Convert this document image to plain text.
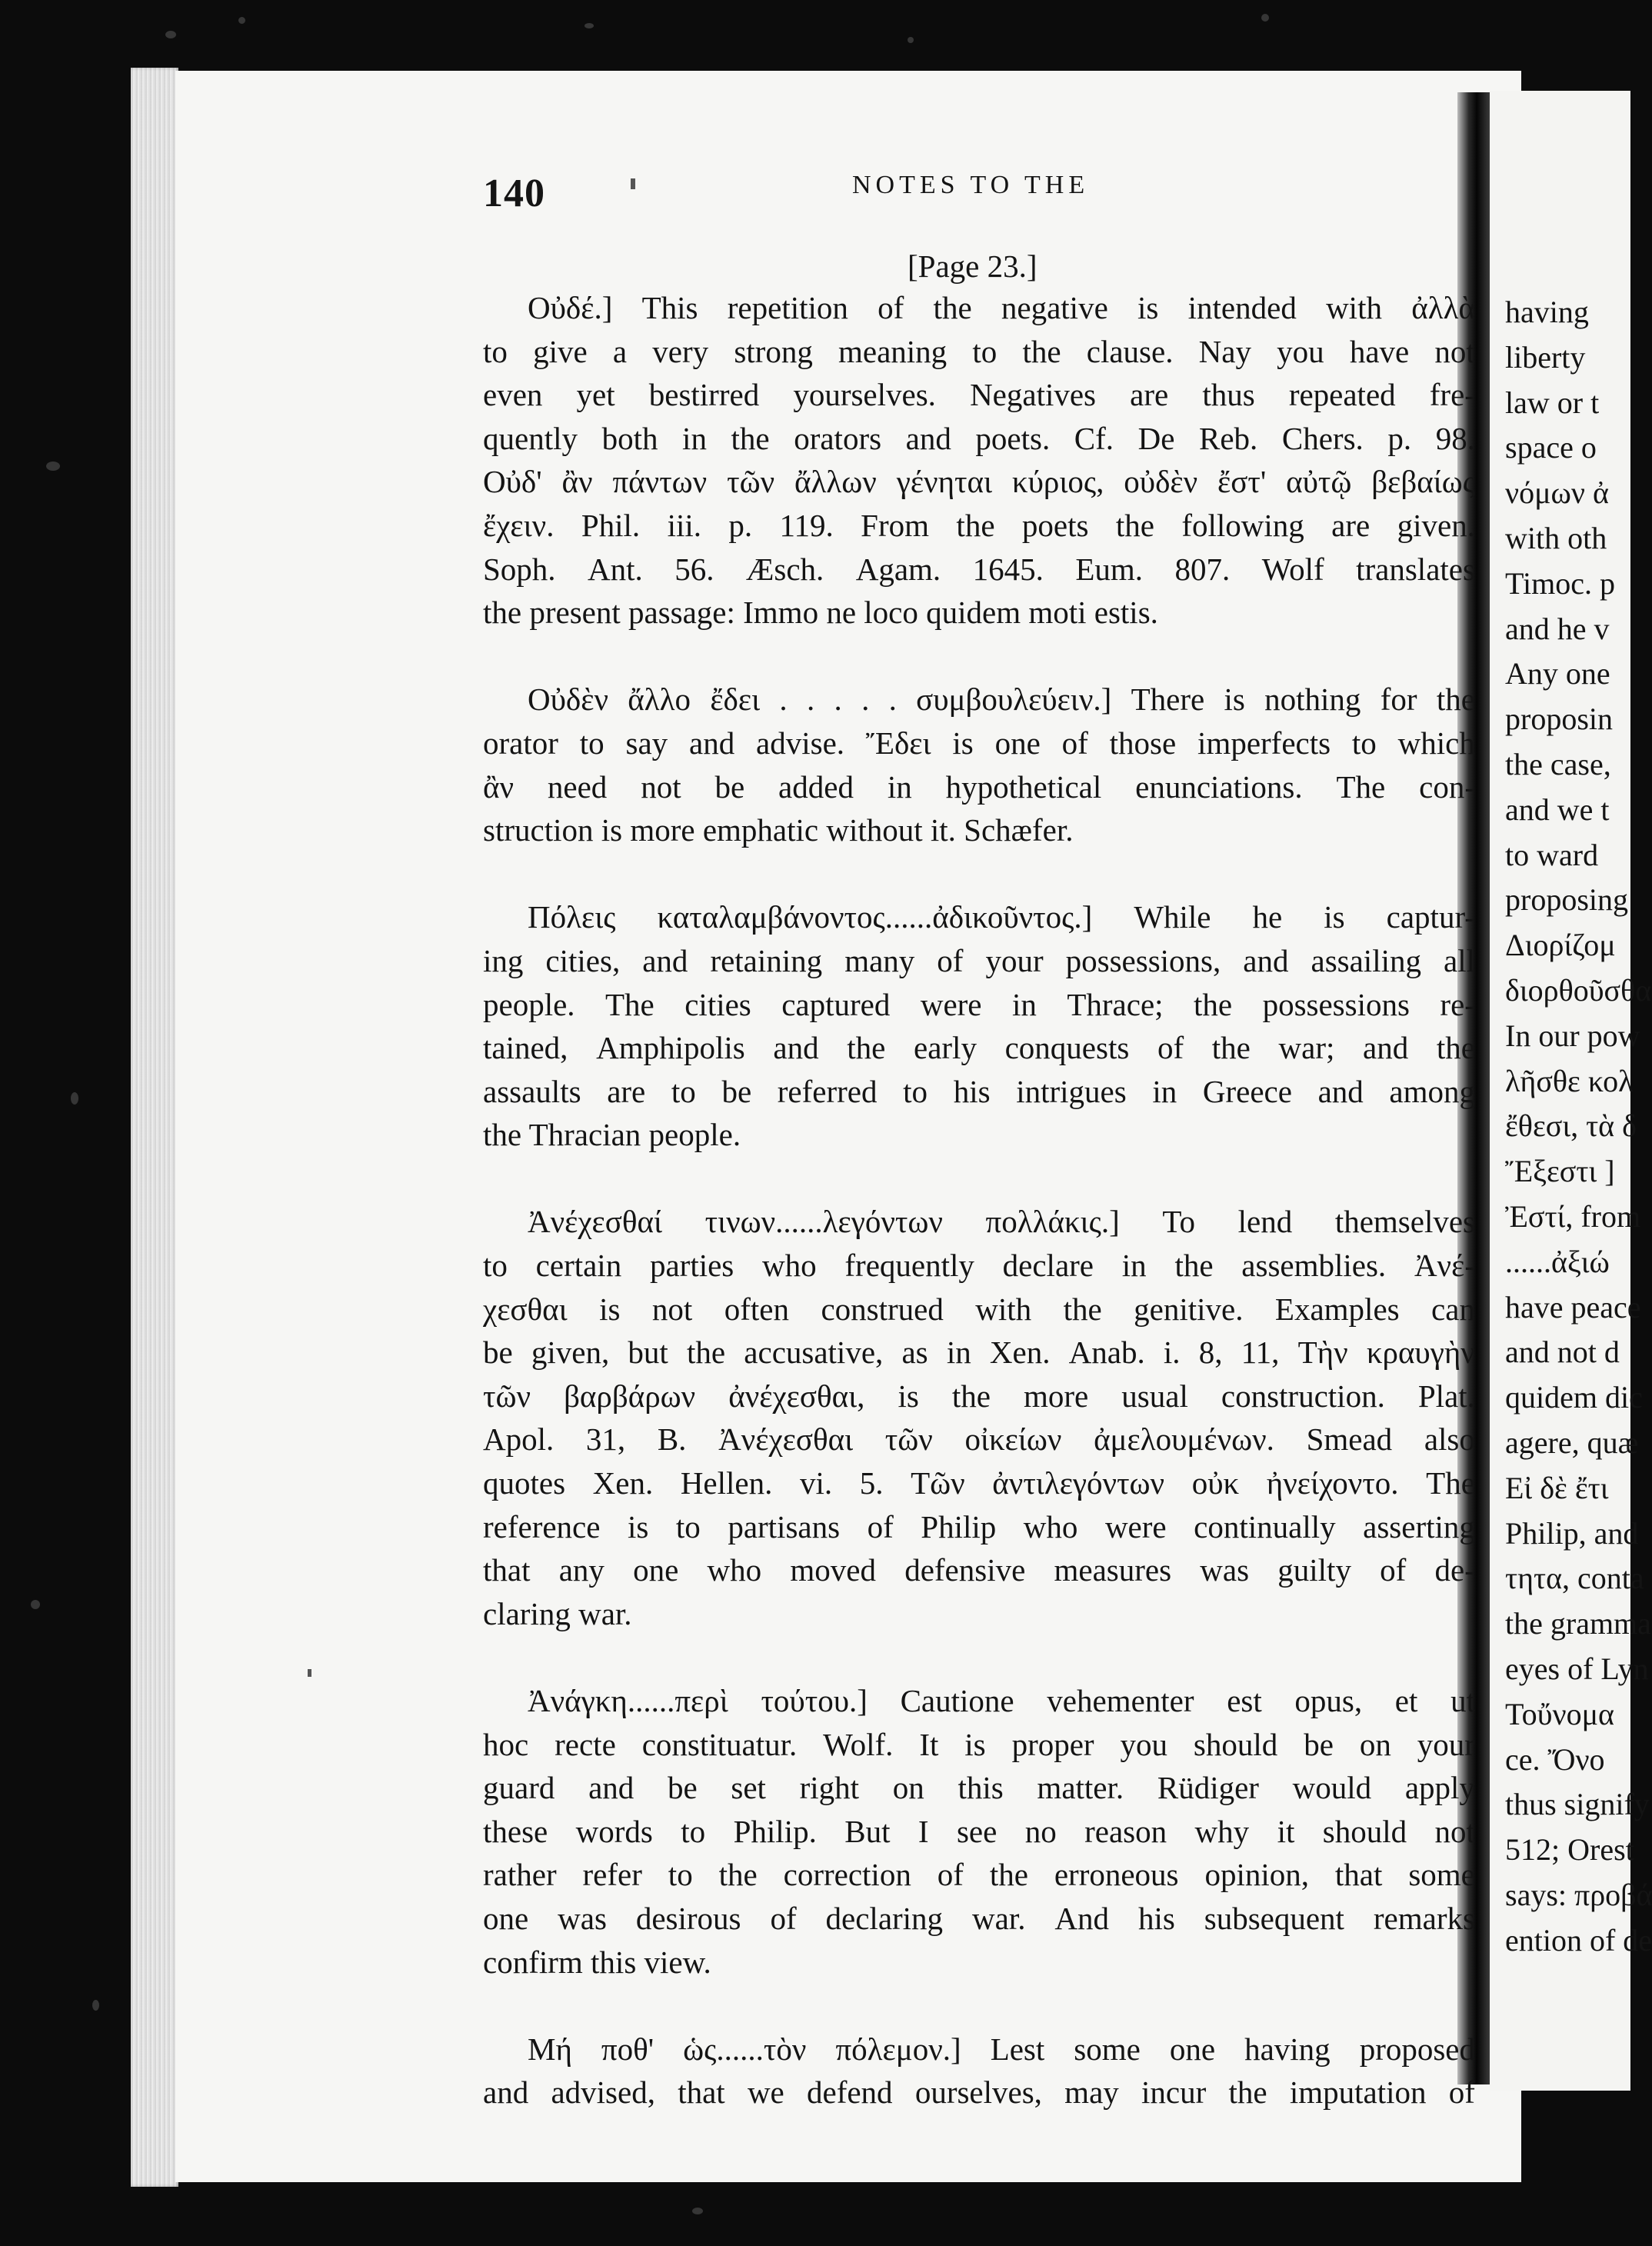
having
liberty
law or t
space o
νόμων ἀ
with oth
Timoc. p
and he v
Any one
proposin
the case,
and we t
to ward
proposing
Διορίζομ
διορθοῦσθα
In our pow
λῆσθε κολ
ἔθεσι, τὰ δ
Ἔξεστι ]
Ἐστί, from
......ἀξιώ
have peace
and not d
quidem dic
agere, quæ
Εἰ δὲ ἔτι
Philip, and
τητα, conta
the gramma
eyes of Lyn
Τοὔνομα
ce. Ὄνο
thus signify
512; Orest
says: προβά
ention of de
140	NOTES TO THE
[Page 23.]
Οὐδέ.] This repetition of the negative is intended with ἀλλὰ
to give a very strong meaning to the clause. Nay you have not
even yet bestirred yourselves. Negatives are thus repeated fre-
quently both in the orators and poets. Cf. De Reb. Chers. p. 98.
Οὐδ' ἂν πάντων τῶν ἄλλων γένηται κύριος, οὐδὲν ἔστ' αὐτῷ βεβαίως
ἔχειν. Phil. iii. p. 119. From the poets the following are given.
Soph. Ant. 56. Æsch. Agam. 1645. Eum. 807. Wolf translates
the present passage: Immo ne loco quidem moti estis.
Οὐδὲν ἄλλο ἔδει . . . . . συμβουλεύειν.] There is nothing for the
orator to say and advise. Ἔδει is one of those imperfects to which
ἂν need not be added in hypothetical enunciations. The con-
struction is more emphatic without it. Schæfer.
Πόλεις καταλαμβάνοντος......ἀδικοῦντος.] While he is captur-
ing cities, and retaining many of your possessions, and assailing all
people. The cities captured were in Thrace; the possessions re-
tained, Amphipolis and the early conquests of the war; and the
assaults are to be referred to his intrigues in Greece and among
the Thracian people.
Ἀνέχεσθαί τινων......λεγόντων πολλάκις.] To lend themselves
to certain parties who frequently declare in the assemblies. Ἀνέ-
χεσθαι is not often construed with the genitive. Examples can
be given, but the accusative, as in Xen. Anab. i. 8, 11, Τὴν κραυγὴν
τῶν βαρβάρων ἀνέχεσθαι, is the more usual construction. Plat.
Apol. 31, B. Ἀνέχεσθαι τῶν οἰκείων ἀμελουμένων. Smead also
quotes Xen. Hellen. vi. 5. Τῶν ἀντιλεγόντων οὐκ ἠνείχοντο. The
reference is to partisans of Philip who were continually asserting
that any one who moved defensive measures was guilty of de-
claring war.
Ἀνάγκη......περὶ τούτου.] Cautione vehementer est opus, et ut
hoc recte constituatur. Wolf. It is proper you should be on your
guard and be set right on this matter. Rüdiger would apply
these words to Philip. But I see no reason why it should not
rather refer to the correction of the erroneous opinion, that some
one was desirous of declaring war. And his subsequent remarks
confirm this view.
Μή ποθ' ὡς......τὸν πόλεμον.] Lest some one having proposed
and advised, that we defend ourselves, may incur the imputation of
